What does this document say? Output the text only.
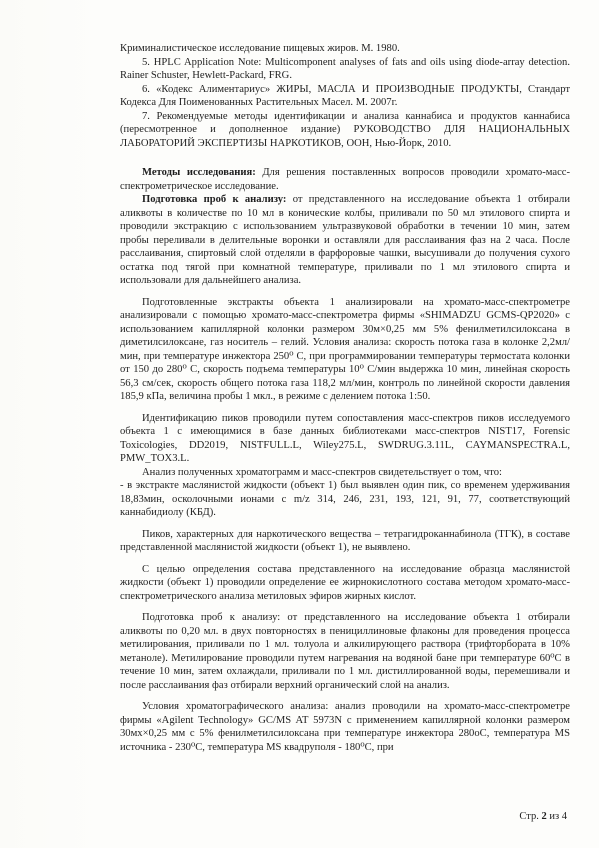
Криминалистическое исследование пищевых жиров. М. 1980.

5. HPLC Application Note: Multicomponent analyses of fats and oils using diode-array detection. Rainer Schuster, Hewlett-Packard, FRG.

6. «Кодекс Алиментариус» ЖИРЫ, МАСЛА И ПРОИЗВОДНЫЕ ПРОДУКТЫ, Стандарт Кодекса Для Поименованных Растительных Масел. М. 2007г.

7. Рекомендуемые методы идентификации и анализа каннабиса и продуктов каннабиса (пересмотренное и дополненное издание) РУКОВОДСТВО ДЛЯ НАЦИОНАЛЬНЫХ ЛАБОРАТОРИЙ ЭКСПЕРТИЗЫ НАРКОТИКОВ, ООН, Нью-Йорк, 2010.

Методы исследования: Для решения поставленных вопросов проводили хромато-масс-спектрометрическое исследование.

Подготовка проб к анализу: от представленного на исследование объекта 1 отбирали аликвоты в количестве по 10 мл в конические колбы, приливали по 50 мл этилового спирта и проводили экстракцию с использованием ультразвуковой обработки в течении 10 мин, затем пробы переливали в делительные воронки и оставляли для расслаивания фаз на 2 часа. После расслаивания, спиртовый слой отделяли в фарфоровые чашки, высушивали до получения сухого остатка под тягой при комнатной температуре, приливали по 1 мл этилового спирта и использовали для дальнейшего анализа.

Подготовленные экстракты объекта 1 анализировали на хромато-масс-спектрометре анализировали с помощью хромато-масс-спектрометра фирмы «SHIMADZU GCMS-QP2020» с использованием капиллярной колонки размером 30м×0,25 мм 5% фенилметилсилоксана в диметилсилоксане, газ носитель – гелий. Условия анализа: скорость потока газа в колонке 2,2мл/мин, при температуре инжектора 250⁰ С, при программировании температуры термостата колонки от 150 до 280⁰ С, скорость подъема температуры 10⁰ С/мин выдержка 10 мин, линейная скорость 56,3 см/сек, скорость общего потока газа 118,2 мл/мин, контроль по линейной скорости давления 185,9 кПа, величина пробы 1 мкл., в режиме с делением потока 1:50.

Идентификацию пиков проводили путем сопоставления масс-спектров пиков исследуемого объекта 1 с имеющимися в базе данных библиотеками масс-спектров NIST17, Forensic Toxicologies, DD2019, NISTFULL.L, Wiley275.L, SWDRUG.3.11L, CAYMANSPECTRA.L, PMW_TOX3.L.

Анализ полученных хроматограмм и масс-спектров свидетельствует о том, что:

- в экстракте маслянистой жидкости (объект 1) был выявлен один пик, со временем удерживания 18,83мин, осколочными ионами с m/z 314, 246, 231, 193, 121, 91, 77, соответствующий каннабидиолу (КБД).

Пиков, характерных для наркотического вещества – тетрагидроканнабинола (ТГК), в составе представленной маслянистой жидкости (объект 1), не выявлено.

С целью определения состава представленного на исследование образца маслянистой жидкости (объект 1) проводили определение ее жирнокислотного состава методом хромато-масс-спектрометрического анализа метиловых эфиров жирных кислот.

Подготовка проб к анализу: от представленного на исследование объекта 1 отбирали аликвоты по 0,20 мл. в двух повторностях в пенициллиновые флаконы для проведения процесса метилирования, приливали по 1 мл. толуола и алкилирующего раствора (трифторбората в 10% метаноле). Метилирование проводили путем нагревания на водяной бане при температуре 60⁰С в течение 10 мин, затем охлаждали, приливали по 1 мл. дистиллированной воды, перемешивали и после расслаивания фаз отбирали верхний органический слой на анализ.

Условия хроматографического анализа: анализ проводили на хромато-масс-спектрометре фирмы «Agilent Technology» GC/MS AT 5973N с применением капиллярной колонки размером 30мх×0,25 мм с 5% фенилметилсилоксана при температуре инжектора 280оС, температура MS источника - 230⁰С, температура MS квадруполя - 180⁰С, при

Стр. 2 из 4
